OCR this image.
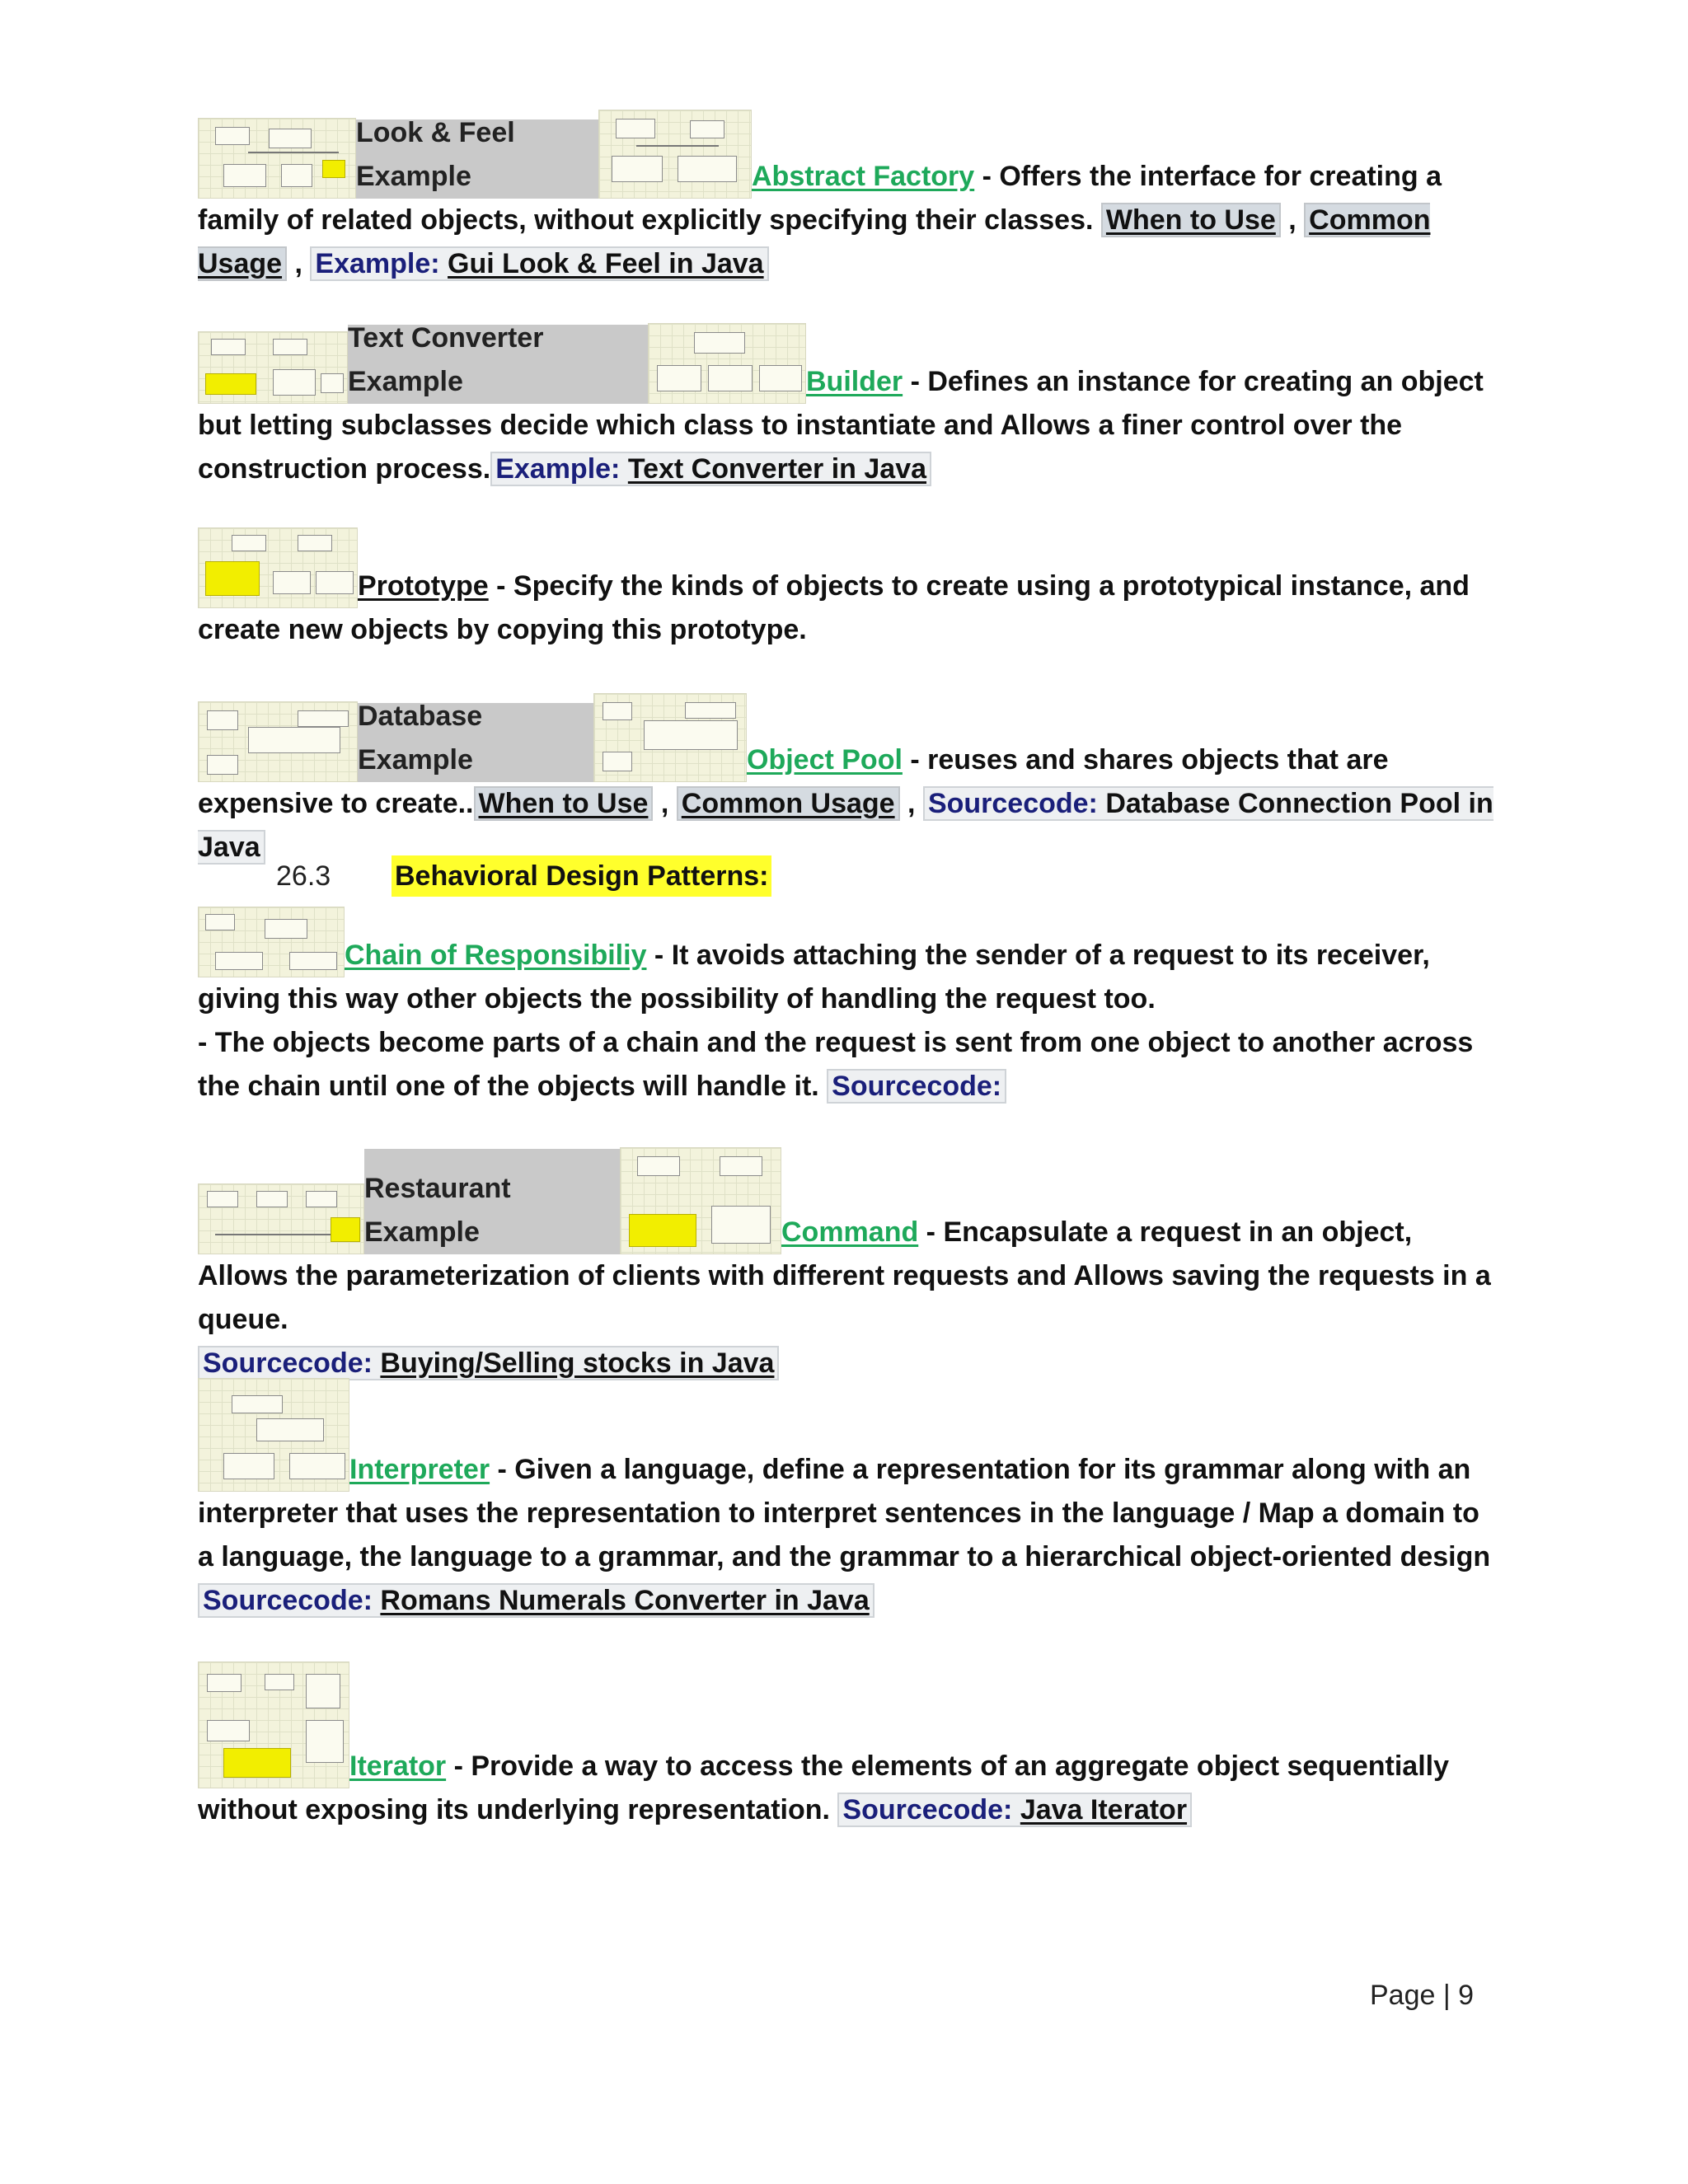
Look & Feel Example	Abstract Factory - Offers the interface for creating a family of related objects, without explicitly specifying their classes. When to Use , Common Usage , Example: Gui Look & Feel in Java
Text Converter Example	Builder - Defines an instance for creating an object but letting subclasses decide which class to instantiate and Allows a finer control over the construction process. Example: Text Converter in Java
Prototype - Specify the kinds of objects to create using a prototypical instance, and create new objects by copying this prototype.
Database Example	Object Pool - reuses and shares objects that are expensive to create.. When to Use , Common Usage , Sourcecode: Database Connection Pool in Java
26.3 Behavioral Design Patterns:
Chain of Responsibiliy - It avoids attaching the sender of a request to its receiver, giving this way other objects the possibility of handling the request too.
- The objects become parts of a chain and the request is sent from one object to another across the chain until one of the objects will handle it. Sourcecode:
Restaurant Example	Command - Encapsulate a request in an object, Allows the parameterization of clients with different requests and Allows saving the requests in a queue.
Sourcecode: Buying/Selling stocks in Java
Interpreter - Given a language, define a representation for its grammar along with an interpreter that uses the representation to interpret sentences in the language / Map a domain to a language, the language to a grammar, and the grammar to a hierarchical object-oriented design
Sourcecode: Romans Numerals Converter in Java
Iterator - Provide a way to access the elements of an aggregate object sequentially without exposing its underlying representation. Sourcecode: Java Iterator
Page | 9
